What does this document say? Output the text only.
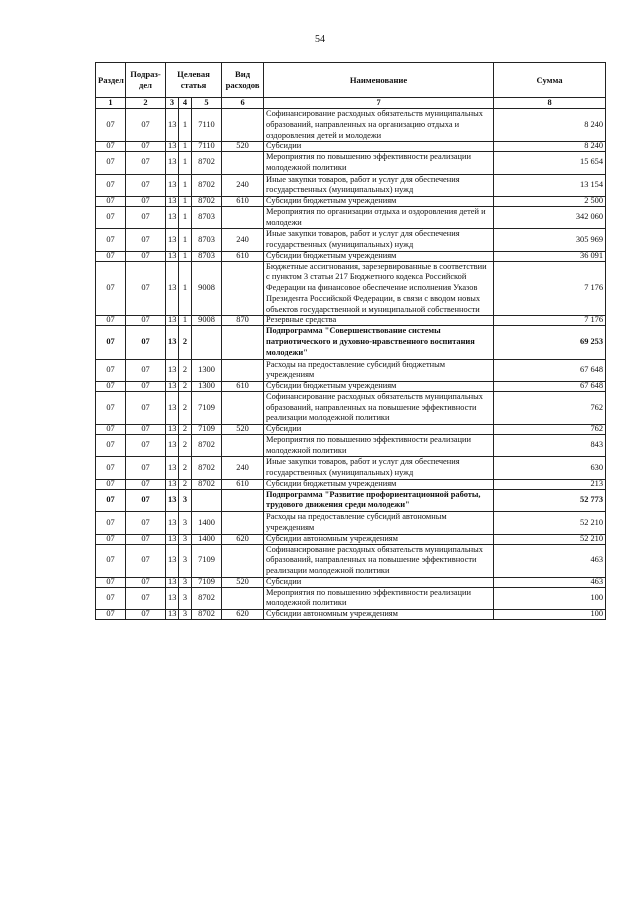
54
Раздел	Подраз-дел	Целевая статья			Вид расходов	Наименование	Сумма
1	2	3	4	5	6	7	8
07	07	13	1	7110		Софинансирование расходных обязательств муниципальных образований, направленных на организацию отдыха и оздоровления детей и молодежи	8 240
07	07	13	1	7110	520	Субсидии	8 240
07	07	13	1	8702		Мероприятия по повышению эффективности реализации молодежной политики	15 654
07	07	13	1	8702	240	Иные закупки товаров, работ и услуг для обеспечения государственных (муниципальных) нужд	13 154
07	07	13	1	8702	610	Субсидии бюджетным учреждениям	2 500
07	07	13	1	8703		Мероприятия по организации отдыха и оздоровления детей и молодежи	342 060
07	07	13	1	8703	240	Иные закупки товаров, работ и услуг для обеспечения государственных (муниципальных) нужд	305 969
07	07	13	1	8703	610	Субсидии бюджетным учреждениям	36 091
07	07	13	1	9008		Бюджетные ассигнования, зарезервированные в соответствии с пунктом 3 статьи 217 Бюджетного кодекса Российской Федерации на финансовое обеспечение исполнения Указов Президента Российской Федерации, в связи с вводом новых объектов государственной и муниципальной собственности	7 176
07	07	13	1	9008	870	Резервные средства	7 176
07	07	13	2			Подпрограмма "Совершенствование системы патриотического и духовно-нравственного воспитания молодежи"	69 253
07	07	13	2	1300		Расходы на предоставление субсидий бюджетным учреждениям	67 648
07	07	13	2	1300	610	Субсидии бюджетным учреждениям	67 648
07	07	13	2	7109		Софинансирование расходных обязательств муниципальных образований, направленных на повышение эффективности реализации молодежной политики	762
07	07	13	2	7109	520	Субсидии	762
07	07	13	2	8702		Мероприятия по повышению эффективности реализации молодежной политики	843
07	07	13	2	8702	240	Иные закупки товаров, работ и услуг для обеспечения государственных (муниципальных) нужд	630
07	07	13	2	8702	610	Субсидии бюджетным учреждениям	213
07	07	13	3			Подпрограмма "Развитие профориентационной работы, трудового движения среди молодежи"	52 773
07	07	13	3	1400		Расходы на предоставление субсидий автономным учреждениям	52 210
07	07	13	3	1400	620	Субсидии автономным учреждениям	52 210
07	07	13	3	7109		Софинансирование расходных обязательств муниципальных образований, направленных на повышение эффективности реализации молодежной политики	463
07	07	13	3	7109	520	Субсидии	463
07	07	13	3	8702		Мероприятия по повышению эффективности реализации молодежной политики	100
07	07	13	3	8702	620	Субсидии автономным учреждениям	100
